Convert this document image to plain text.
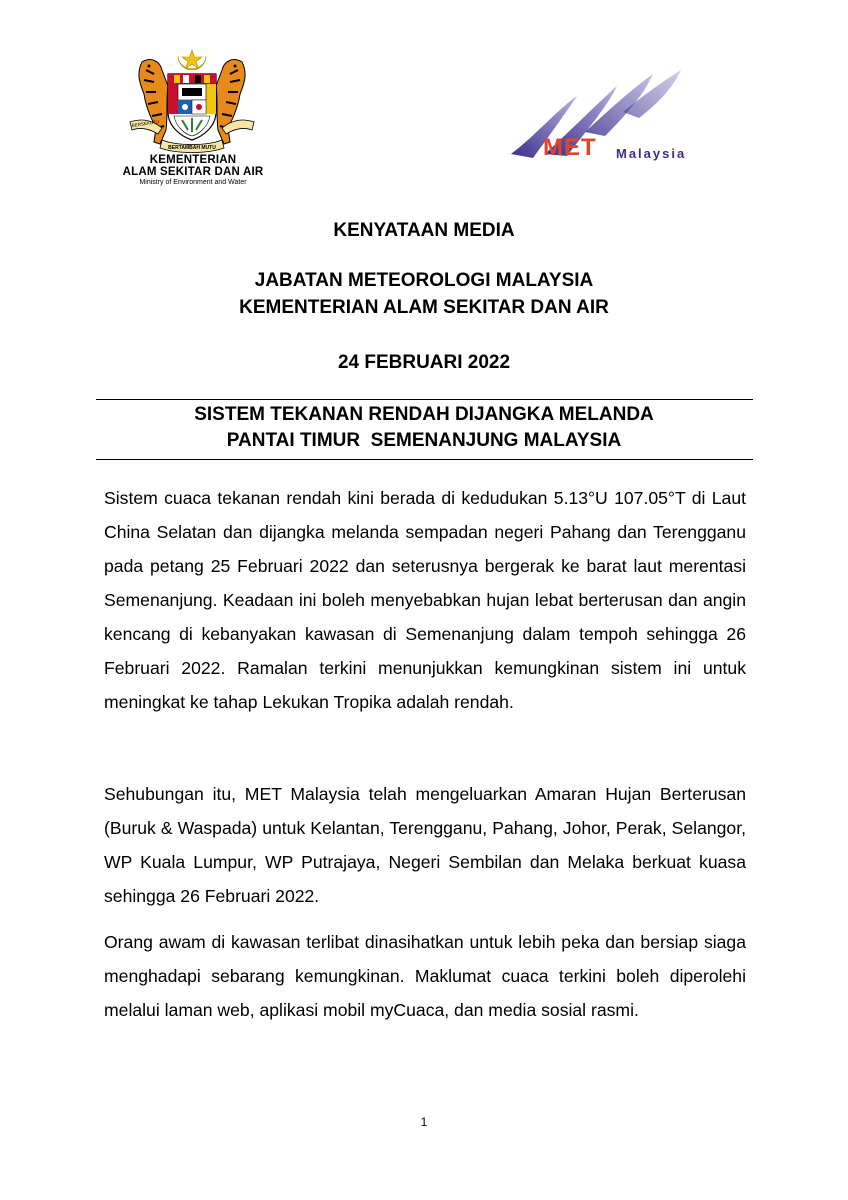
BERSEKUTU
BERTAMBAH MUTU
KEMENTERIAN
ALAM SEKITAR DAN AIR
Ministry of Environment and Water
MET Malaysia
KENYATAAN MEDIA
JABATAN METEOROLOGI MALAYSIA
KEMENTERIAN ALAM SEKITAR DAN AIR
24 FEBRUARI 2022
SISTEM TEKANAN RENDAH DIJANGKA MELANDA
PANTAI TIMUR  SEMENANJUNG MALAYSIA

Sistem cuaca tekanan rendah kini berada di kedudukan 5.13°U 107.05°T di Laut China Selatan dan dijangka melanda sempadan negeri Pahang dan Terengganu pada petang 25 Februari 2022 dan seterusnya bergerak ke barat laut merentasi Semenanjung. Keadaan ini boleh menyebabkan hujan lebat berterusan dan angin kencang di kebanyakan kawasan di Semenanjung dalam tempoh sehingga 26 Februari 2022. Ramalan terkini menunjukkan kemungkinan sistem ini untuk meningkat ke tahap Lekukan Tropika adalah rendah.

Sehubungan itu, MET Malaysia telah mengeluarkan Amaran Hujan Berterusan (Buruk & Waspada) untuk Kelantan, Terengganu, Pahang, Johor, Perak, Selangor, WP Kuala Lumpur, WP Putrajaya, Negeri Sembilan dan Melaka berkuat kuasa sehingga 26 Februari 2022.

Orang awam di kawasan terlibat dinasihatkan untuk lebih peka dan bersiap siaga menghadapi sebarang kemungkinan. Maklumat cuaca terkini boleh diperolehi melalui laman web, aplikasi mobil myCuaca, dan media sosial rasmi.

1
